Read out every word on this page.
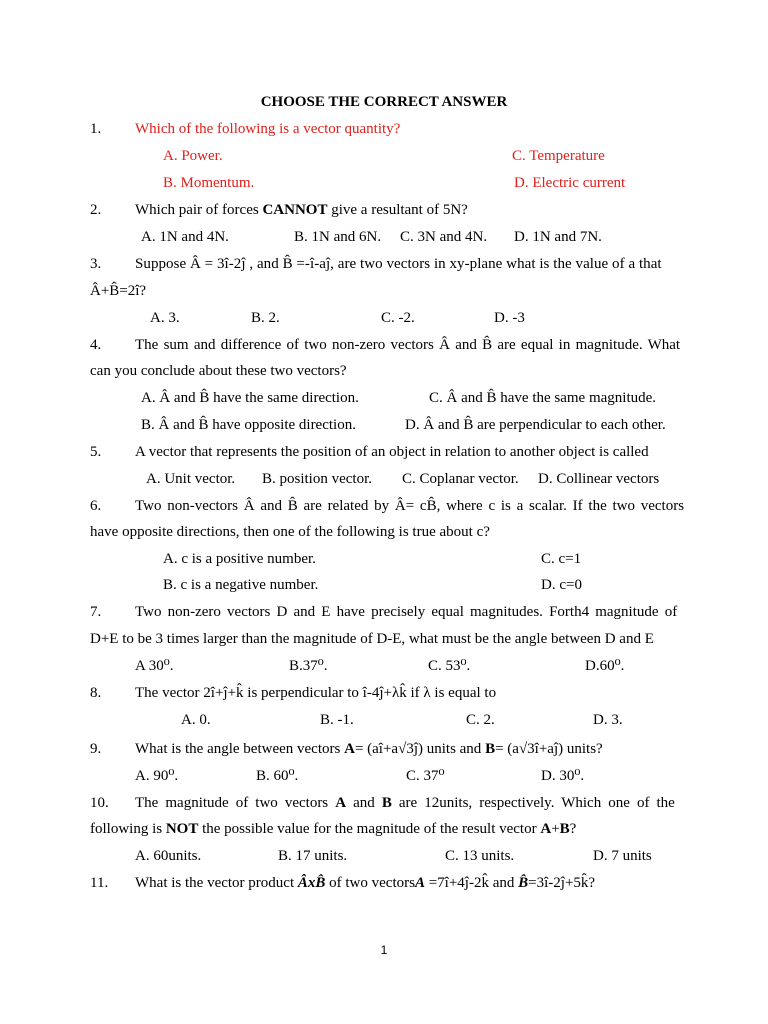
CHOOSE THE CORRECT ANSWER
1. Which of the following is a vector quantity?
A. Power.	C. Temperature
B. Momentum.	D. Electric current
2. Which pair of forces CANNOT give a resultant of 5N?
A. 1N and 4N.	B. 1N and 6N. C. 3N and 4N. D. 1N and 7N.
3. Suppose Â = 3î-2ĵ , and B̂ =-î-aĵ, are two vectors in xy-plane what is the value of a that
Â+B̂=2î?
A. 3.	B. 2.	C. -2.	D. -3
4. The sum and difference of two non-zero vectors Â and B̂ are equal in magnitude. What
can you conclude about these two vectors?
A. Â and B̂ have the same direction.	C. Â and B̂ have the same magnitude.
B. Â and B̂ have opposite direction.	D. Â and B̂ are perpendicular to each other.
5. A vector that represents the position of an object in relation to another object is called
A. Unit vector. B. position vector. C. Coplanar vector. D. Collinear vectors
6. Two non-vectors Â and B̂ are related by Â= cB̂, where c is a scalar. If the two vectors
have opposite directions, then one of the following is true about c?
A. c is a positive number.	C. c=1
B. c is a negative number.	D. c=0
7. Two non-zero vectors D and E have precisely equal magnitudes. Forth4 magnitude of
D+E to be 3 times larger than the magnitude of D-E, what must be the angle between D and E
A 30⁰.	B.37⁰.	C. 53⁰.	D.60⁰.
8. The vector 2î+ĵ+k̂ is perpendicular to î-4ĵ+λk̂ if λ is equal to
A. 0.	B. -1.	C. 2.	D. 3.
9. What is the angle between vectors A= (aî+a√3ĵ) units and B= (a√3î+aĵ) units?
A. 90⁰.	B. 60⁰.	C. 37⁰	D. 30⁰.
10. The magnitude of two vectors A and B are 12units, respectively. Which one of the
following is NOT the possible value for the magnitude of the result vector A+B?
A. 60units.	B. 17 units.	C. 13 units.	D. 7 units
11. What is the vector product ÂxB̂ of two vectorsA =7î+4ĵ-2k̂ and B̂=3î-2ĵ+5k̂?
1
